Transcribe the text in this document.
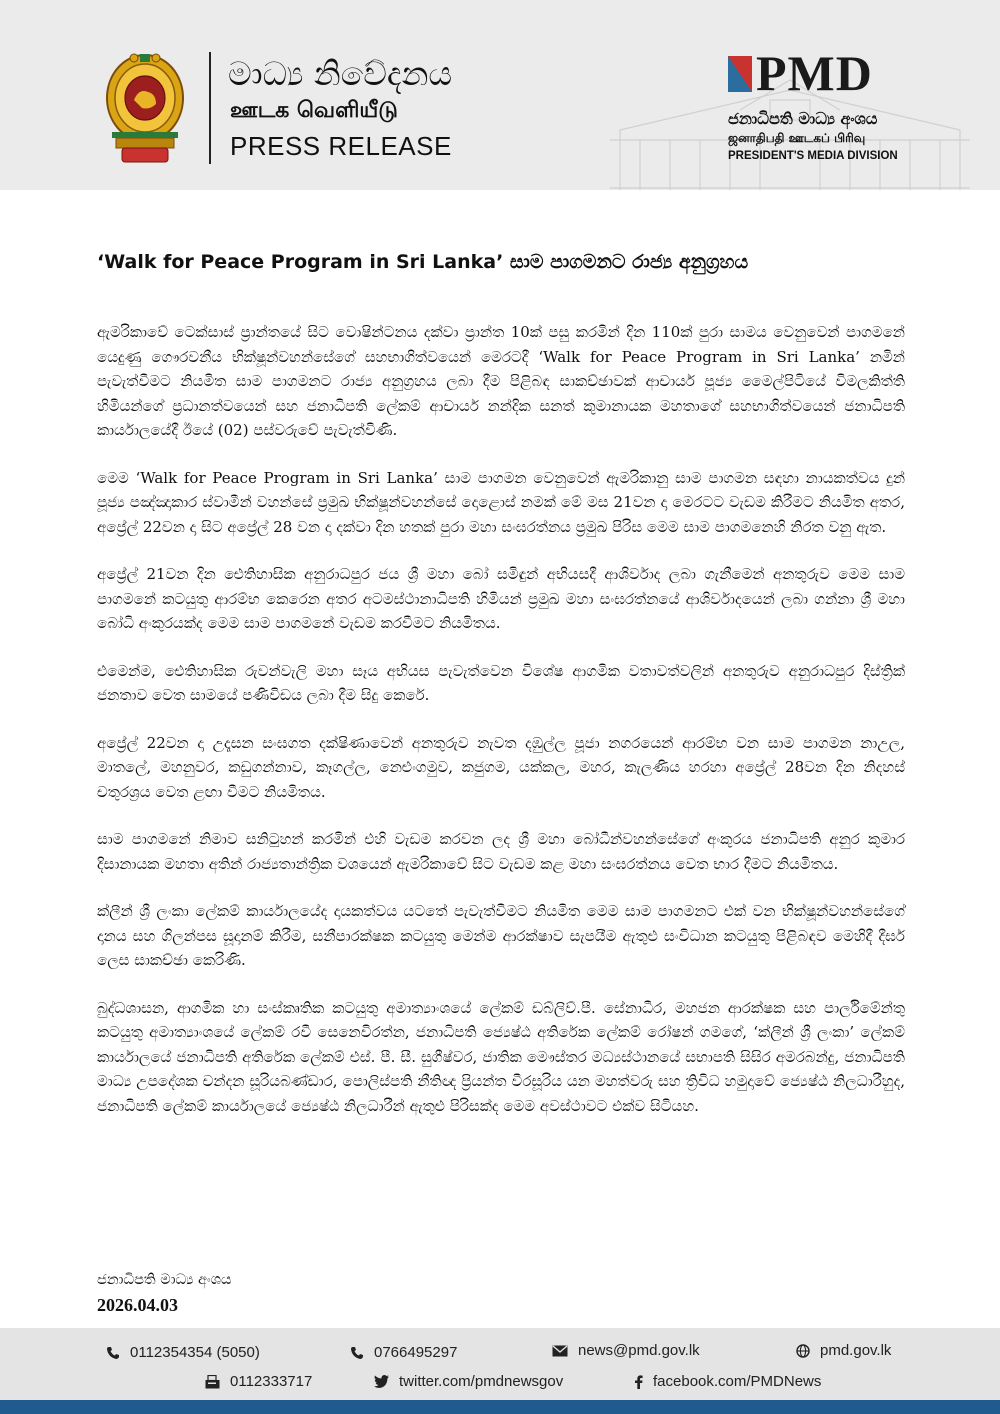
මාධ්‍ය නිවේදනය
ஊடக வெளியீடு
PRESS RELEASE
PMD
ජනාධිපති මාධ්‍ය අංශය
ஜனாதிபதி ஊடகப் பிரிவு
PRESIDENT'S MEDIA DIVISION
‘Walk for Peace Program in Sri Lanka’ සාම පාගමනට රාජ්‍ය අනුග්‍රහය

ඇමරිකාවේ ටෙක්සාස් ප්‍රාන්තයේ සිට වොෂින්ටනය දක්වා ප්‍රාන්ත 10ක් පසු කරමින් දින 110ක් පුරා සාමය වෙනුවෙන් පාගමනේ යෙදුණු ගෞරවනීය භික්ෂූන්වහන්සේගේ සහභාගිත්වයෙන් මෙරටදී ‘Walk for Peace Program in Sri Lanka’ නමින් පැවැත්වීමට නියමිත සාම පාගමනට රාජ්‍ය අනුග්‍රහය ලබා දීම පිළිබඳ සාකච්ඡාවක් ආචාර්ය පූජ්‍ය මෛල්පිටියේ විමලකිත්ති හිමියන්ගේ ප්‍රධානත්වයෙන් සහ ජනාධිපති ලේකම් ආචාර්ය නන්දික සනත් කුමානායක මහතාගේ සහභාගිත්වයෙන් ජනාධිපති කාර්යාලයේදී ඊයේ (02) පස්වරුවේ පැවැත්විණි.

මෙම ‘Walk for Peace Program in Sri Lanka’ සාම පාගමන වෙනුවෙන් ඇමරිකානු සාම පාගමන සඳහා නායකත්වය දුන් පූජ්‍ය පඤ්ඤාකාර ස්වාමීන් වහන්සේ ප්‍රමුඛ භික්ෂූන්වහන්සේ දොළොස් නමක් මේ මස 21වන දා මෙරටට වැඩම කිරීමට නියමිත අතර, අප්‍රේල් 22වන දා සිට අප්‍රේල් 28 වන දා දක්වා දින හතක් පුරා මහා සංඝරත්නය ප්‍රමුඛ පිරිස මෙම සාම පාගමනෙහි නිරත වනු ඇත.

අප්‍රේල් 21වන දින ඓතිහාසික අනුරාධපුර ජය ශ්‍රී මහා බෝ සමිඳුන් අභියසදී ආශිර්වාද ලබා ගැනීමෙන් අනතුරුව මෙම සාම පාගමනේ කටයුතු ආරම්භ කෙරෙන අතර අටමස්ථානාධිපති හිමියන් ප්‍රමුඛ මහා සංඝරත්නයේ ආශිර්වාදයෙන් ලබා ගන්නා ශ්‍රී මහා බෝධි අංකුරයක්ද මෙම සාම පාගමනේ වැඩම කරවීමට නියමිතය.

එමෙන්ම, ඓතිහාසික රුවන්වැලි මහා සෑය අභියස පැවැත්වෙන විශේෂ ආගමික වතාවත්වලින් අනතුරුව අනුරාධපුර දිස්ත්‍රික් ජනතාව වෙත සාමයේ පණිවිඩය ලබා දීම සිදු කෙරේ.

අප්‍රේල් 22වන දා උදෑසන සංඝගත දක්ෂිණාවෙන් අනතුරුව නැවත දඹුල්ල පූජා නගරයෙන් ආරම්භ වන සාම පාගමන නාඋල, මාතලේ, මහනුවර, කඩුගන්නාව, කෑගල්ල, නෙළුංගමුව, කජුගම, යක්කල, මහර, කැලණිය හරහා අප්‍රේල් 28වන දින නිදහස් චතුරශ්‍රය වෙත ළඟා වීමට නියමිතය.

සාම පාගමනේ නිමාව සනිටුහන් කරමින් එහි වැඩම කරවන ලද ශ්‍රී මහා බෝධීන්වහන්සේගේ අංකුරය ජනාධිපති අනුර කුමාර දිසානායක මහතා අතින් රාජ්‍යතාන්ත්‍රික වශයෙන් ඇමරිකාවේ සිට වැඩම කළ මහා සංඝරත්නය වෙත භාර දීමට නියමිතය.

ක්ලීන් ශ්‍රී ලංකා ලේකම් කාර්යාලයේද දායකත්වය යටතේ පැවැත්වීමට නියමිත මෙම සාම පාගමනට එක් වන භික්ෂූන්වහන්සේගේ දානය සහ ගිලන්පස සූදානම් කිරීම, සනීපාරක්ෂක කටයුතු මෙන්ම ආරක්ෂාව සැපයීම ඇතුළු සංවිධාන කටයුතු පිළිබඳව මෙහිදී දීර්ඝ ලෙස සාකච්ඡා කෙරිණි.

බුද්ධශාසන, ආගමික හා සංස්කෘතික කටයුතු අමාත්‍යාංශයේ ලේකම් ඩබ්ලිව්.පී. සේනාධීර, මහජන ආරක්ෂක සහ පාර්ලිමේන්තු කටයුතු අමාත්‍යාංශයේ ලේකම් රවී සෙනෙවිරත්න, ජනාධිපති ජ්‍යෙෂ්ඨ අතිරේක ලේකම් රෝෂන් ගමගේ, ‘ක්ලීන් ශ්‍රී ලංකා’ ලේකම් කාර්යාලයේ ජනාධිපති අතිරේක ලේකම් එස්. පී. සී. සුගීෂ්වර, ජාතික මෞස්තර මධ්‍යස්ථානයේ සභාපති සිසිර අමරබන්දු, ජනාධිපති මාධ්‍ය උපදේශක චන්දන සූරියබණ්ඩාර, පොලිස්පති නීතිඥ ප්‍රියන්ත වීරසූරිය යන මහත්වරු සහ ත්‍රිවිධ හමුදාවේ ජ්‍යෙෂ්ඨ නිලධාරීහුද, ජනාධිපති ලේකම් කාර්යාලයේ ජ්‍යෙෂ්ඨ නිලධාරීන් ඇතුළු පිරිසක්ද මෙම අවස්ථාවට එක්ව සිටියහ.

ජනාධිපති මාධ්‍ය අංශය
2026.04.03
0112354354 (5050)	0766495297	news@pmd.gov.lk	pmd.gov.lk
0112333717	twitter.com/pmdnewsgov	facebook.com/PMDNews
